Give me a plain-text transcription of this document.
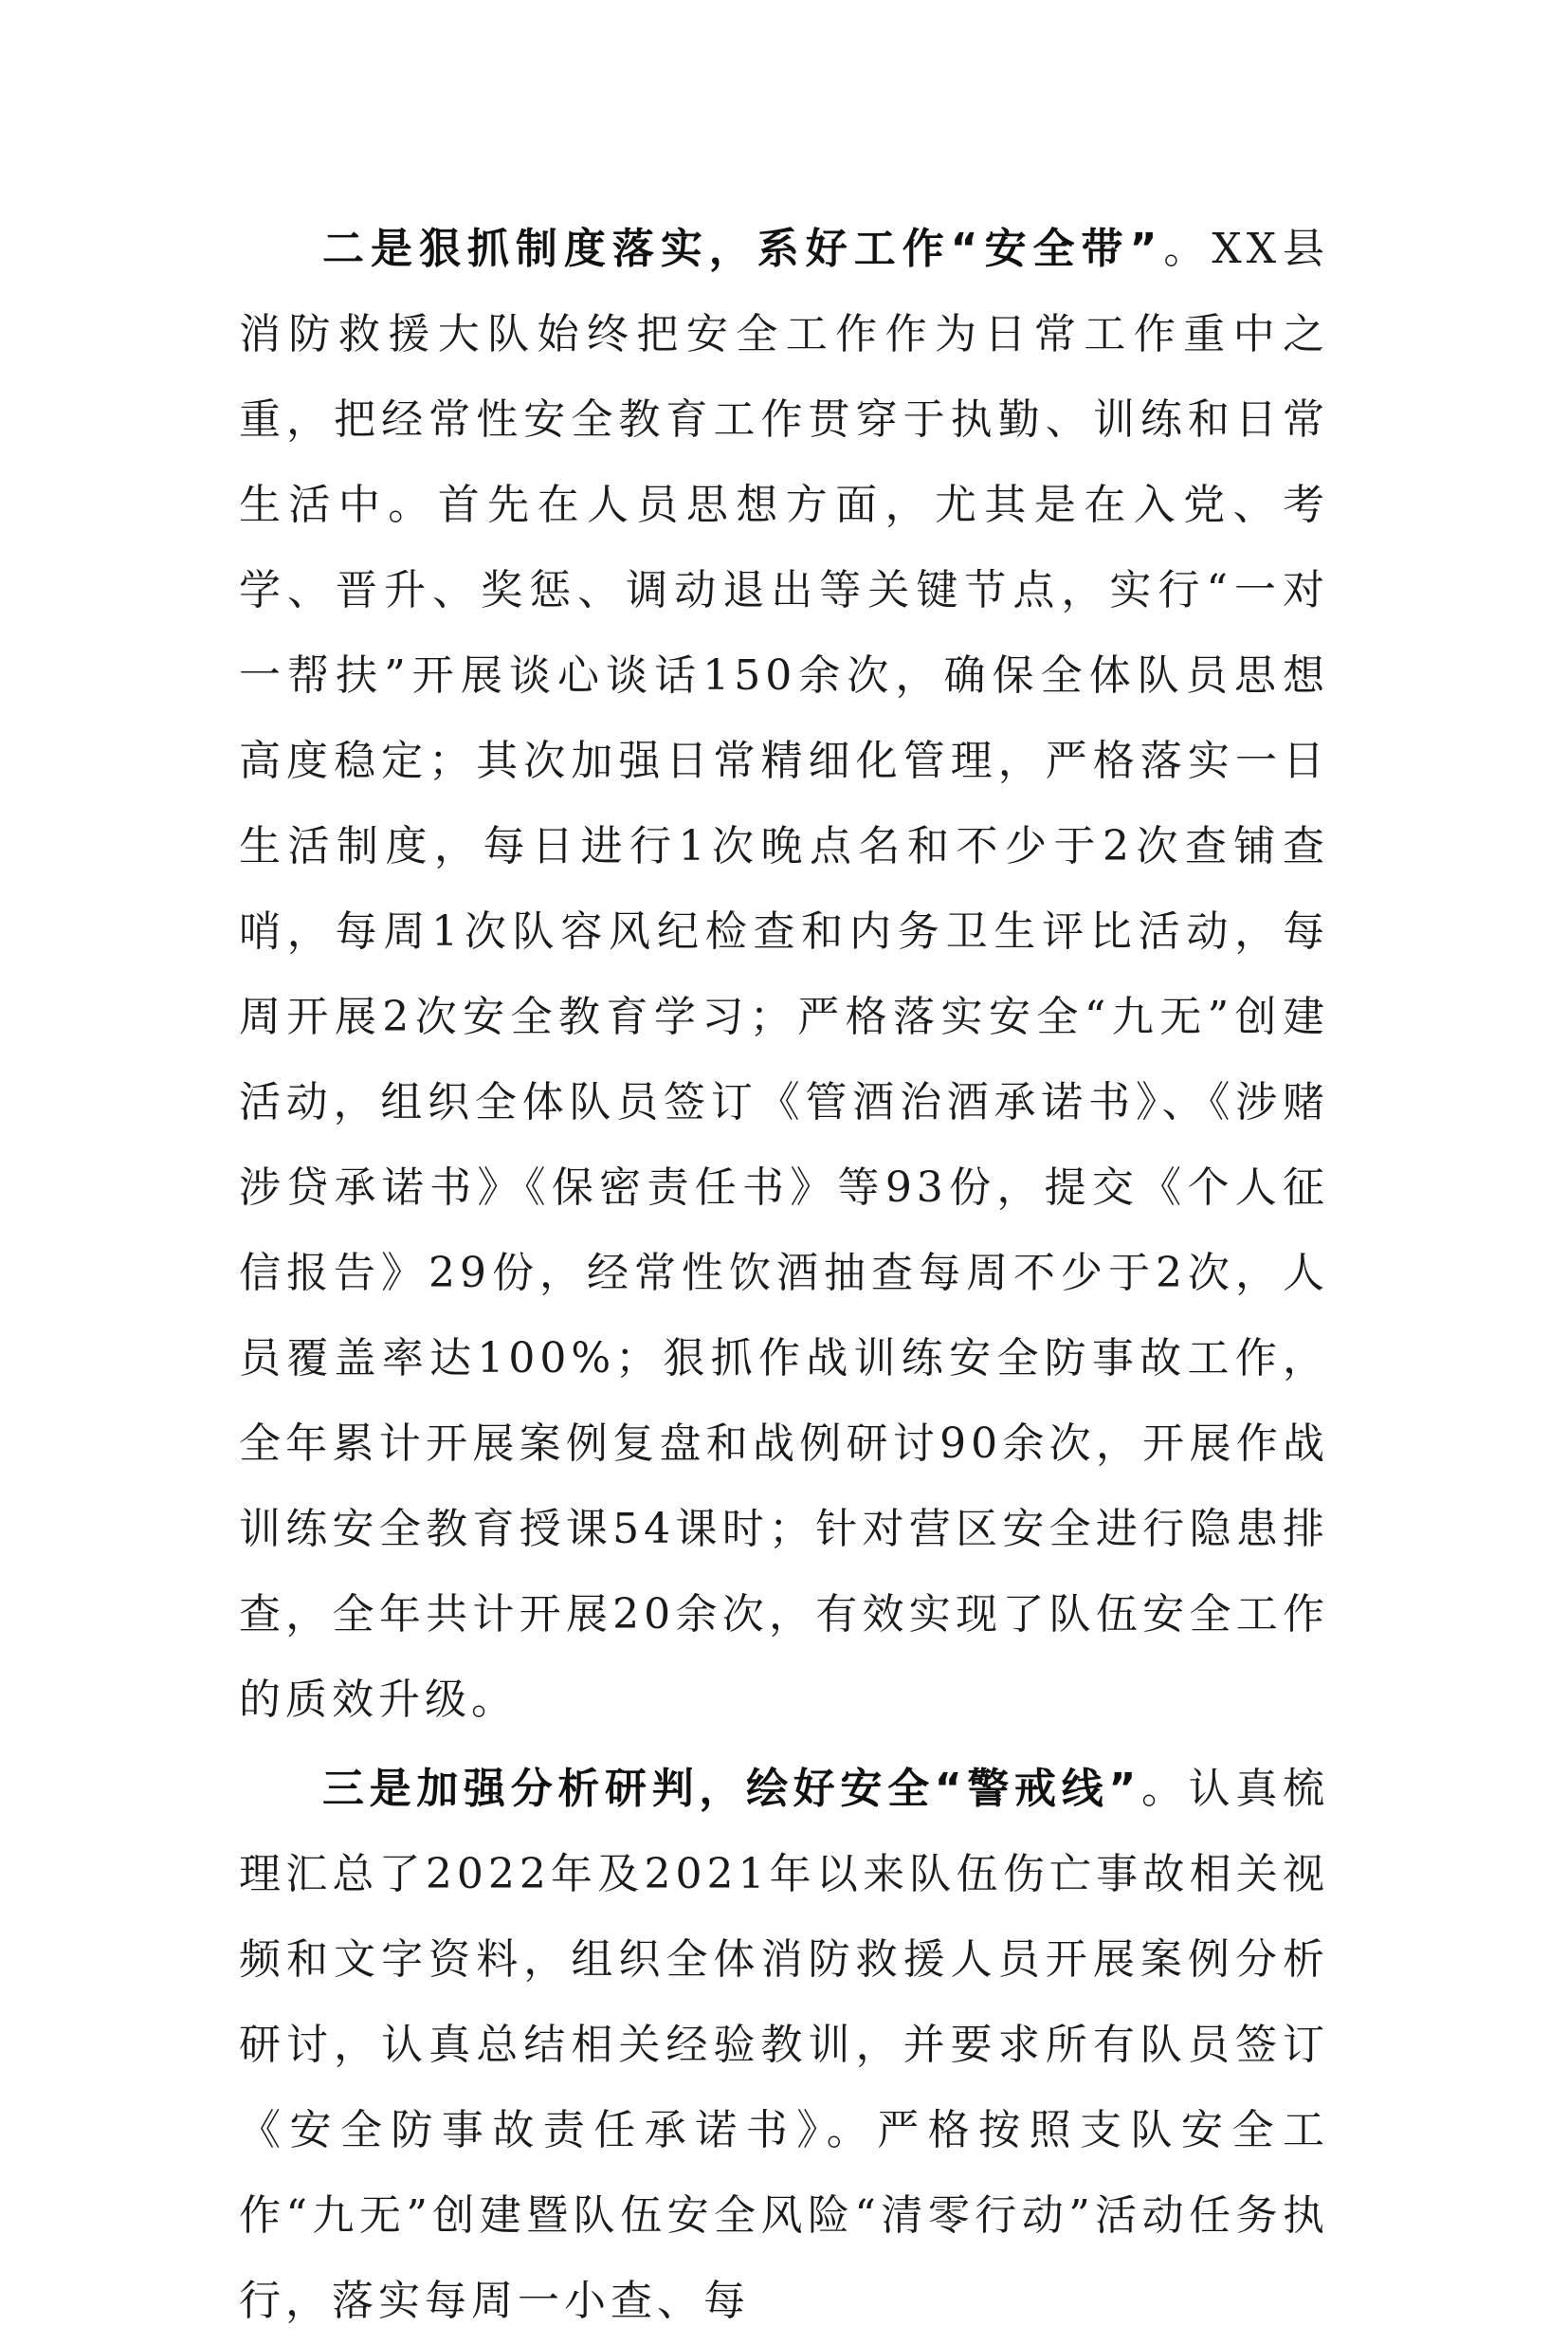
二是狠抓制度落实，系好工作“安全带”。XX县消防救援大队始终把安全工作作为日常工作重中之重，把经常性安全教育工作贯穿于执勤、训练和日常生活中。首先在人员思想方面，尤其是在入党、考学、晋升、奖惩、调动退出等关键节点，实行“一对一帮扶”开展谈心谈话150余次，确保全体队员思想高度稳定；其次加强日常精细化管理，严格落实一日生活制度，每日进行1次晚点名和不少于2次查铺查哨，每周1次队容风纪检查和内务卫生评比活动，每周开展2次安全教育学习；严格落实安全“九无”创建活动，组织全体队员签订《管酒治酒承诺书》、《涉赌涉贷承诺书》《保密责任书》等93份，提交《个人征信报告》29份，经常性饮酒抽查每周不少于2次，人员覆盖率达100%；狠抓作战训练安全防事故工作，全年累计开展案例复盘和战例研讨90余次，开展作战训练安全教育授课54课时；针对营区安全进行隐患排查，全年共计开展20余次，有效实现了队伍安全工作的质效升级。

三是加强分析研判，绘好安全“警戒线”。认真梳理汇总了2022年及2021年以来队伍伤亡事故相关视频和文字资料，组织全体消防救援人员开展案例分析研讨，认真总结相关经验教训，并要求所有队员签订《安全防事故责任承诺书》。严格按照支队安全工作“九无”创建暨队伍安全风险“清零行动”活动任务执行，落实每周一小查、每
